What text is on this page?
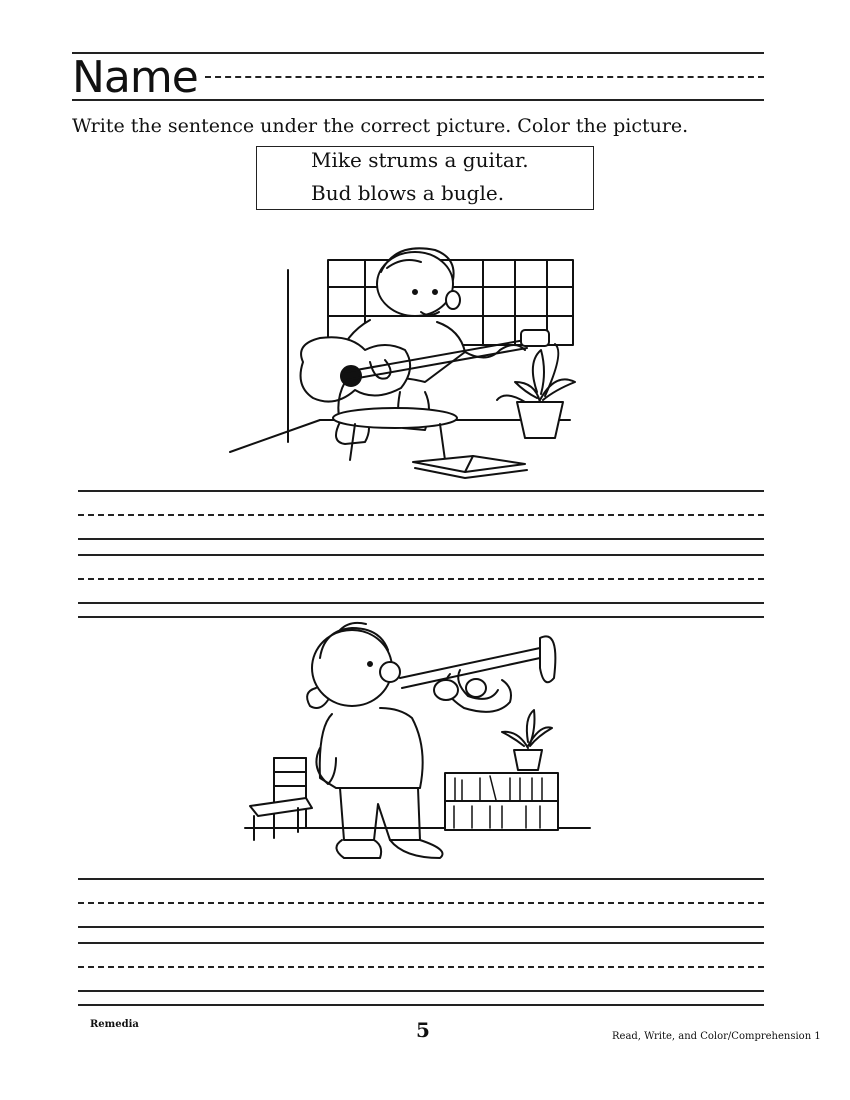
Name
Write the sentence under the correct picture. Color the picture.
Mike strums a guitar.
Bud blows a bugle.
Remedia	5	Read, Write, and Color/Comprehension 1
